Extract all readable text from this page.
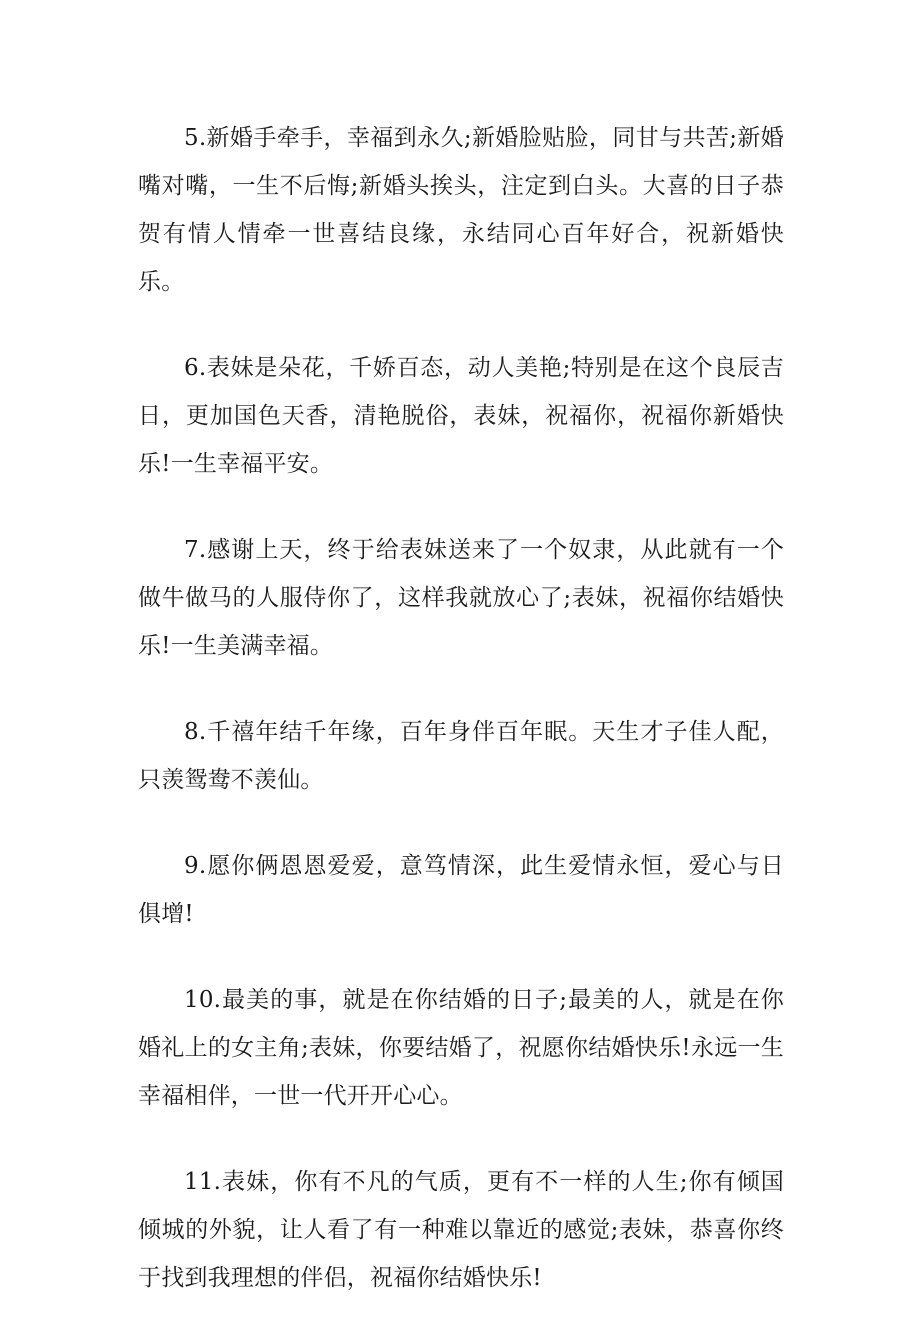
5.新婚手牵手，幸福到永久;新婚脸贴脸，同甘与共苦;新婚嘴对嘴，一生不后悔;新婚头挨头，注定到白头。大喜的日子恭贺有情人情牵一世喜结良缘，永结同心百年好合，祝新婚快乐。

6.表妹是朵花，千娇百态，动人美艳;特别是在这个良辰吉日，更加国色天香，清艳脱俗，表妹，祝福你，祝福你新婚快乐!一生幸福平安。

7.感谢上天，终于给表妹送来了一个奴隶，从此就有一个做牛做马的人服侍你了，这样我就放心了;表妹，祝福你结婚快乐!一生美满幸福。

8.千禧年结千年缘，百年身伴百年眠。天生才子佳人配，只羡鸳鸯不羡仙。

9.愿你俩恩恩爱爱，意笃情深，此生爱情永恒，爱心与日俱增!

10.最美的事，就是在你结婚的日子;最美的人，就是在你婚礼上的女主角;表妹，你要结婚了，祝愿你结婚快乐!永远一生幸福相伴，一世一代开开心心。

11.表妹，你有不凡的气质，更有不一样的人生;你有倾国倾城的外貌，让人看了有一种难以靠近的感觉;表妹，恭喜你终于找到我理想的伴侣，祝福你结婚快乐!
